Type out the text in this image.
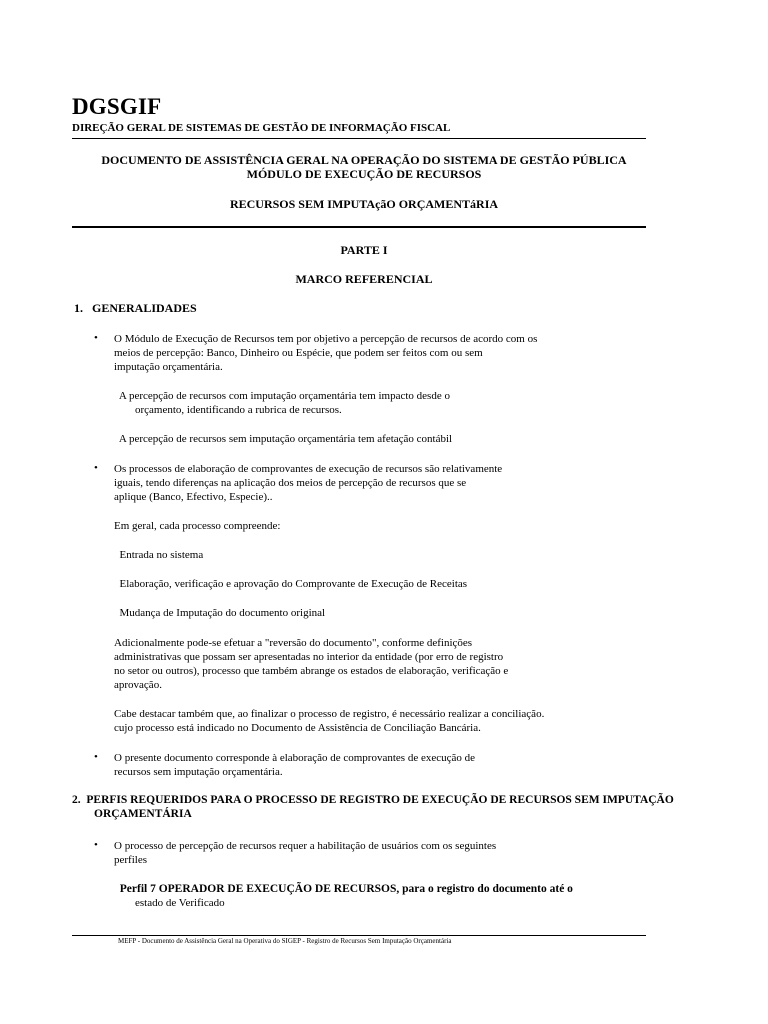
DGSGIF
DIREÇÃO GERAL DE SISTEMAS DE GESTÃO DE INFORMAÇÃO FISCAL
DOCUMENTO DE ASSISTÊNCIA GERAL NA OPERAÇÃO DO SISTEMA DE GESTÃO PÚBLICA
MÓDULO DE EXECUÇÃO DE RECURSOS
RECURSOS SEM IMPUTAçãO ORÇAMENTáRIA
PARTE I
MARCO REFERENCIAL
1.   GENERALIDADES
• O Módulo de Execução de Recursos tem por objetivo a percepção de recursos de acordo com os
meios de percepção: Banco, Dinheiro ou Espécie, que podem ser feitos com ou sem
imputação orçamentária.
A percepção de recursos com imputação orçamentária tem impacto desde o
orçamento, identificando a rubrica de recursos.
A percepção de recursos sem imputação orçamentária tem afetação contábil
• Os processos de elaboração de comprovantes de execução de recursos são relativamente
iguais, tendo diferenças na aplicação dos meios de percepção de recursos que se
aplique (Banco, Efectivo, Especie)..
Em geral, cada processo compreende:
Entrada no sistema
Elaboração, verificação e aprovação do Comprovante de Execução de Receitas
Mudança de Imputação do documento original
Adicionalmente pode-se efetuar a "reversão do documento", conforme definições
administrativas que possam ser apresentadas no interior da entidade (por erro de registro
no setor ou outros), processo que também abrange os estados de elaboração, verificação e
aprovação.
Cabe destacar também que, ao finalizar o processo de registro, é necessário realizar a conciliação.
cujo processo está indicado no Documento de Assistência de Conciliação Bancária.
• O presente documento corresponde à elaboração de comprovantes de execução de
recursos sem imputação orçamentária.
2.  PERFIS REQUERIDOS PARA O PROCESSO DE REGISTRO DE EXECUÇÃO DE RECURSOS SEM IMPUTAÇÃO
ORÇAMENTÁRIA
• O processo de percepção de recursos requer a habilitação de usuários com os seguintes
perfiles
Perfil 7 OPERADOR DE EXECUÇÃO DE RECURSOS, para o registro do documento até o
estado de Verificado
MEFP - Documento de Assistência Geral na Operativa do SIGEP - Registro de Recursos Sem Imputação Orçamentária
